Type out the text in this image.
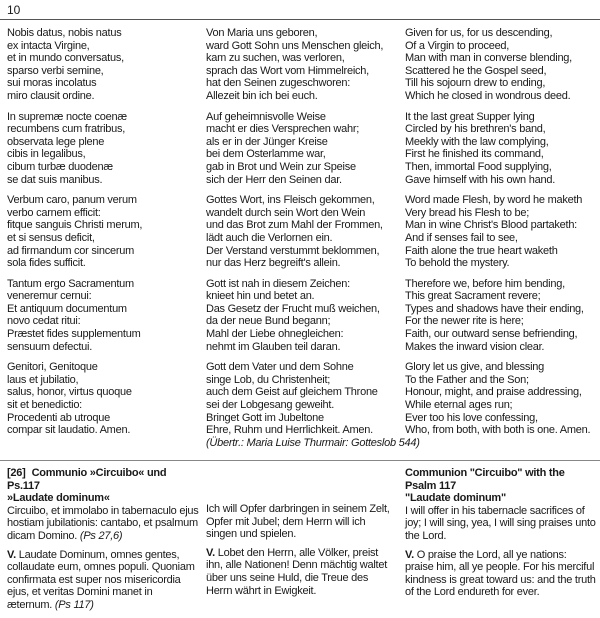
10
Nobis datus, nobis natus
ex intacta Virgine,
et in mundo conversatus,
sparso verbi semine,
sui moras incolatus
miro clausit ordine.
In supremæ nocte coenæ
recumbens cum fratribus,
observata lege plene
cibis in legalibus,
cibum turbæ duodenæ
se dat suis manibus.
Verbum caro, panum verum
verbo carnem efficit:
fitque sanguis Christi merum,
et si sensus deficit,
ad firmandum cor sincerum
sola fides sufficit.
Tantum ergo Sacramentum
veneremur cernui:
Et antiquum documentum
novo cedat ritui:
Præstet fides supplementum
sensuum defectui.
Genitori, Genitoque
laus et jubilatio,
salus, honor, virtus quoque
sit et benedictio:
Procedenti ab utroque
compar sit laudatio. Amen.
Von Maria uns geboren,
ward Gott Sohn uns Menschen gleich,
kam zu suchen, was verloren,
sprach das Wort vom Himmelreich,
hat den Seinen zugeschworen:
Allezeit bin ich bei euch.
Auf geheimnisvolle Weise
macht er dies Versprechen wahr;
als er in der Jünger Kreise
bei dem Osterlamme war,
gab in Brot und Wein zur Speise
sich der Herr den Seinen dar.
Gottes Wort, ins Fleisch gekommen,
wandelt durch sein Wort den Wein
und das Brot zum Mahl der Frommen,
lädt auch die Verlornen ein.
Der Verstand verstummt beklommen,
nur das Herz begreift's allein.
Gott ist nah in diesem Zeichen:
knieet hin und betet an.
Das Gesetz der Frucht muß weichen,
da der neue Bund begann;
Mahl der Liebe ohnegleichen:
nehmt im Glauben teil daran.
Gott dem Vater und dem Sohne
singe Lob, du Christenheit;
auch dem Geist auf gleichem Throne
sei der Lobgesang geweiht.
Bringet Gott im Jubeltone
Ehre, Ruhm und Herrlichkeit. Amen.
(Übertr.: Maria Luise Thurmair: Gotteslob 544)
Given for us, for us descending,
Of a Virgin to proceed,
Man with man in converse blending,
Scattered he the Gospel seed,
Till his sojourn drew to ending,
Which he closed in wondrous deed.
It the last great Supper lying
Circled by his brethren's band,
Meekly with the law complying,
First he finished its command,
Then, immortal Food supplying,
Gave himself with his own hand.
Word made Flesh, by word he maketh
Very bread his Flesh to be;
Man in wine Christ's Blood partaketh:
And if senses fail to see,
Faith alone the true heart waketh
To behold the mystery.
Therefore we, before him bending,
This great Sacrament revere;
Types and shadows have their ending,
For the newer rite is here;
Faith, our outward sense befriending,
Makes the inward vision clear.
Glory let us give, and blessing
To the Father and the Son;
Honour, might, and praise addressing,
While eternal ages run;
Ever too his love confessing,
Who, from both, with both is one. Amen.
[26] Communio »Circuibo« und Ps.117
»Laudate dominum«
Circuibo, et immolabo in tabernaculo ejus hostiam jubilationis: cantabo, et psalmum dicam Domino. (Ps 27,6)
V. Laudate Dominum, omnes gentes, collaudate eum, omnes populi. Quoniam confirmata est super nos misericordia ejus, et veritas Domini manet in æternum. (Ps 117)
Ich will Opfer darbringen in seinem Zelt, Opfer mit Jubel; dem Herrn will ich singen und spielen.
V. Lobet den Herrn, alle Völker, preist ihn, alle Nationen! Denn mächtig waltet über uns seine Huld, die Treue des Herrn währt in Ewigkeit.
Communion "Circuibo" with the Psalm 117
"Laudate dominum"
I will offer in his tabernacle sacrifices of joy; I will sing, yea, I will sing praises unto the Lord.
V. O praise the Lord, all ye nations: praise him, all ye people. For his merciful kindness is great toward us: and the truth of the Lord endureth for ever.
